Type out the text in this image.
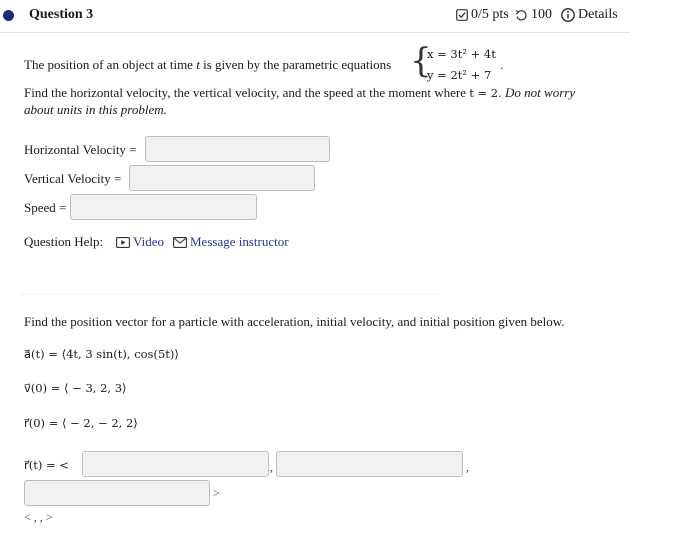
Question 3	0/5 pts 100 Details
The position of an object at time t is given by the parametric equations {
x = 3t² + 4t
y = 2t² + 7
.
Find the horizontal velocity, the vertical velocity, and the speed at the moment where t = 2. Do not worry
about units in this problem.
Horizontal Velocity =
Vertical Velocity =
Speed =
Question Help: Video Message instructor
Find the position vector for a particle with acceleration, initial velocity, and initial position given below.
a⃗(t) = ⟨4t, 3 sin(t), cos(5t)⟩
v⃗(0) = ⟨ − 3, 2, 3⟩
r⃗(0) = ⟨ − 2, − 2, 2⟩
r⃗(t) = <	,	,
>
< , , >
